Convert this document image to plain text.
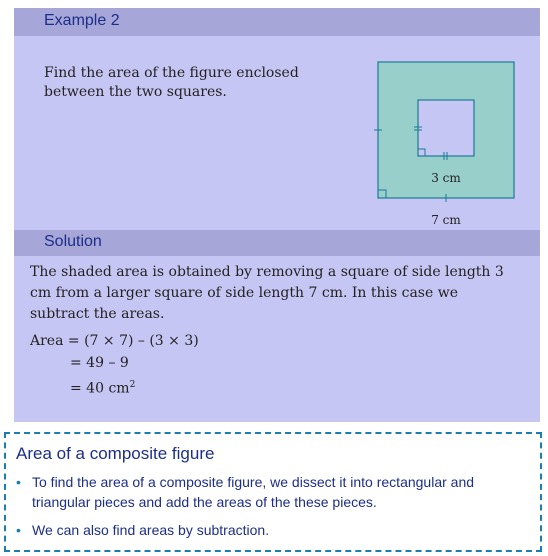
Example 2
Find the area of the figure enclosed between the two squares.
3 cm
7 cm
Solution
The shaded area is obtained by removing a square of side length 3 cm from a larger square of side length 7 cm. In this case we subtract the areas.
Area = (7 × 7) – (3 × 3)
= 49 – 9
= 40 $cm^2$
Area of a composite figure
• To find the area of a composite figure, we dissect it into rectangular and triangular pieces and add the areas of the these pieces.
• We can also find areas by subtraction.
